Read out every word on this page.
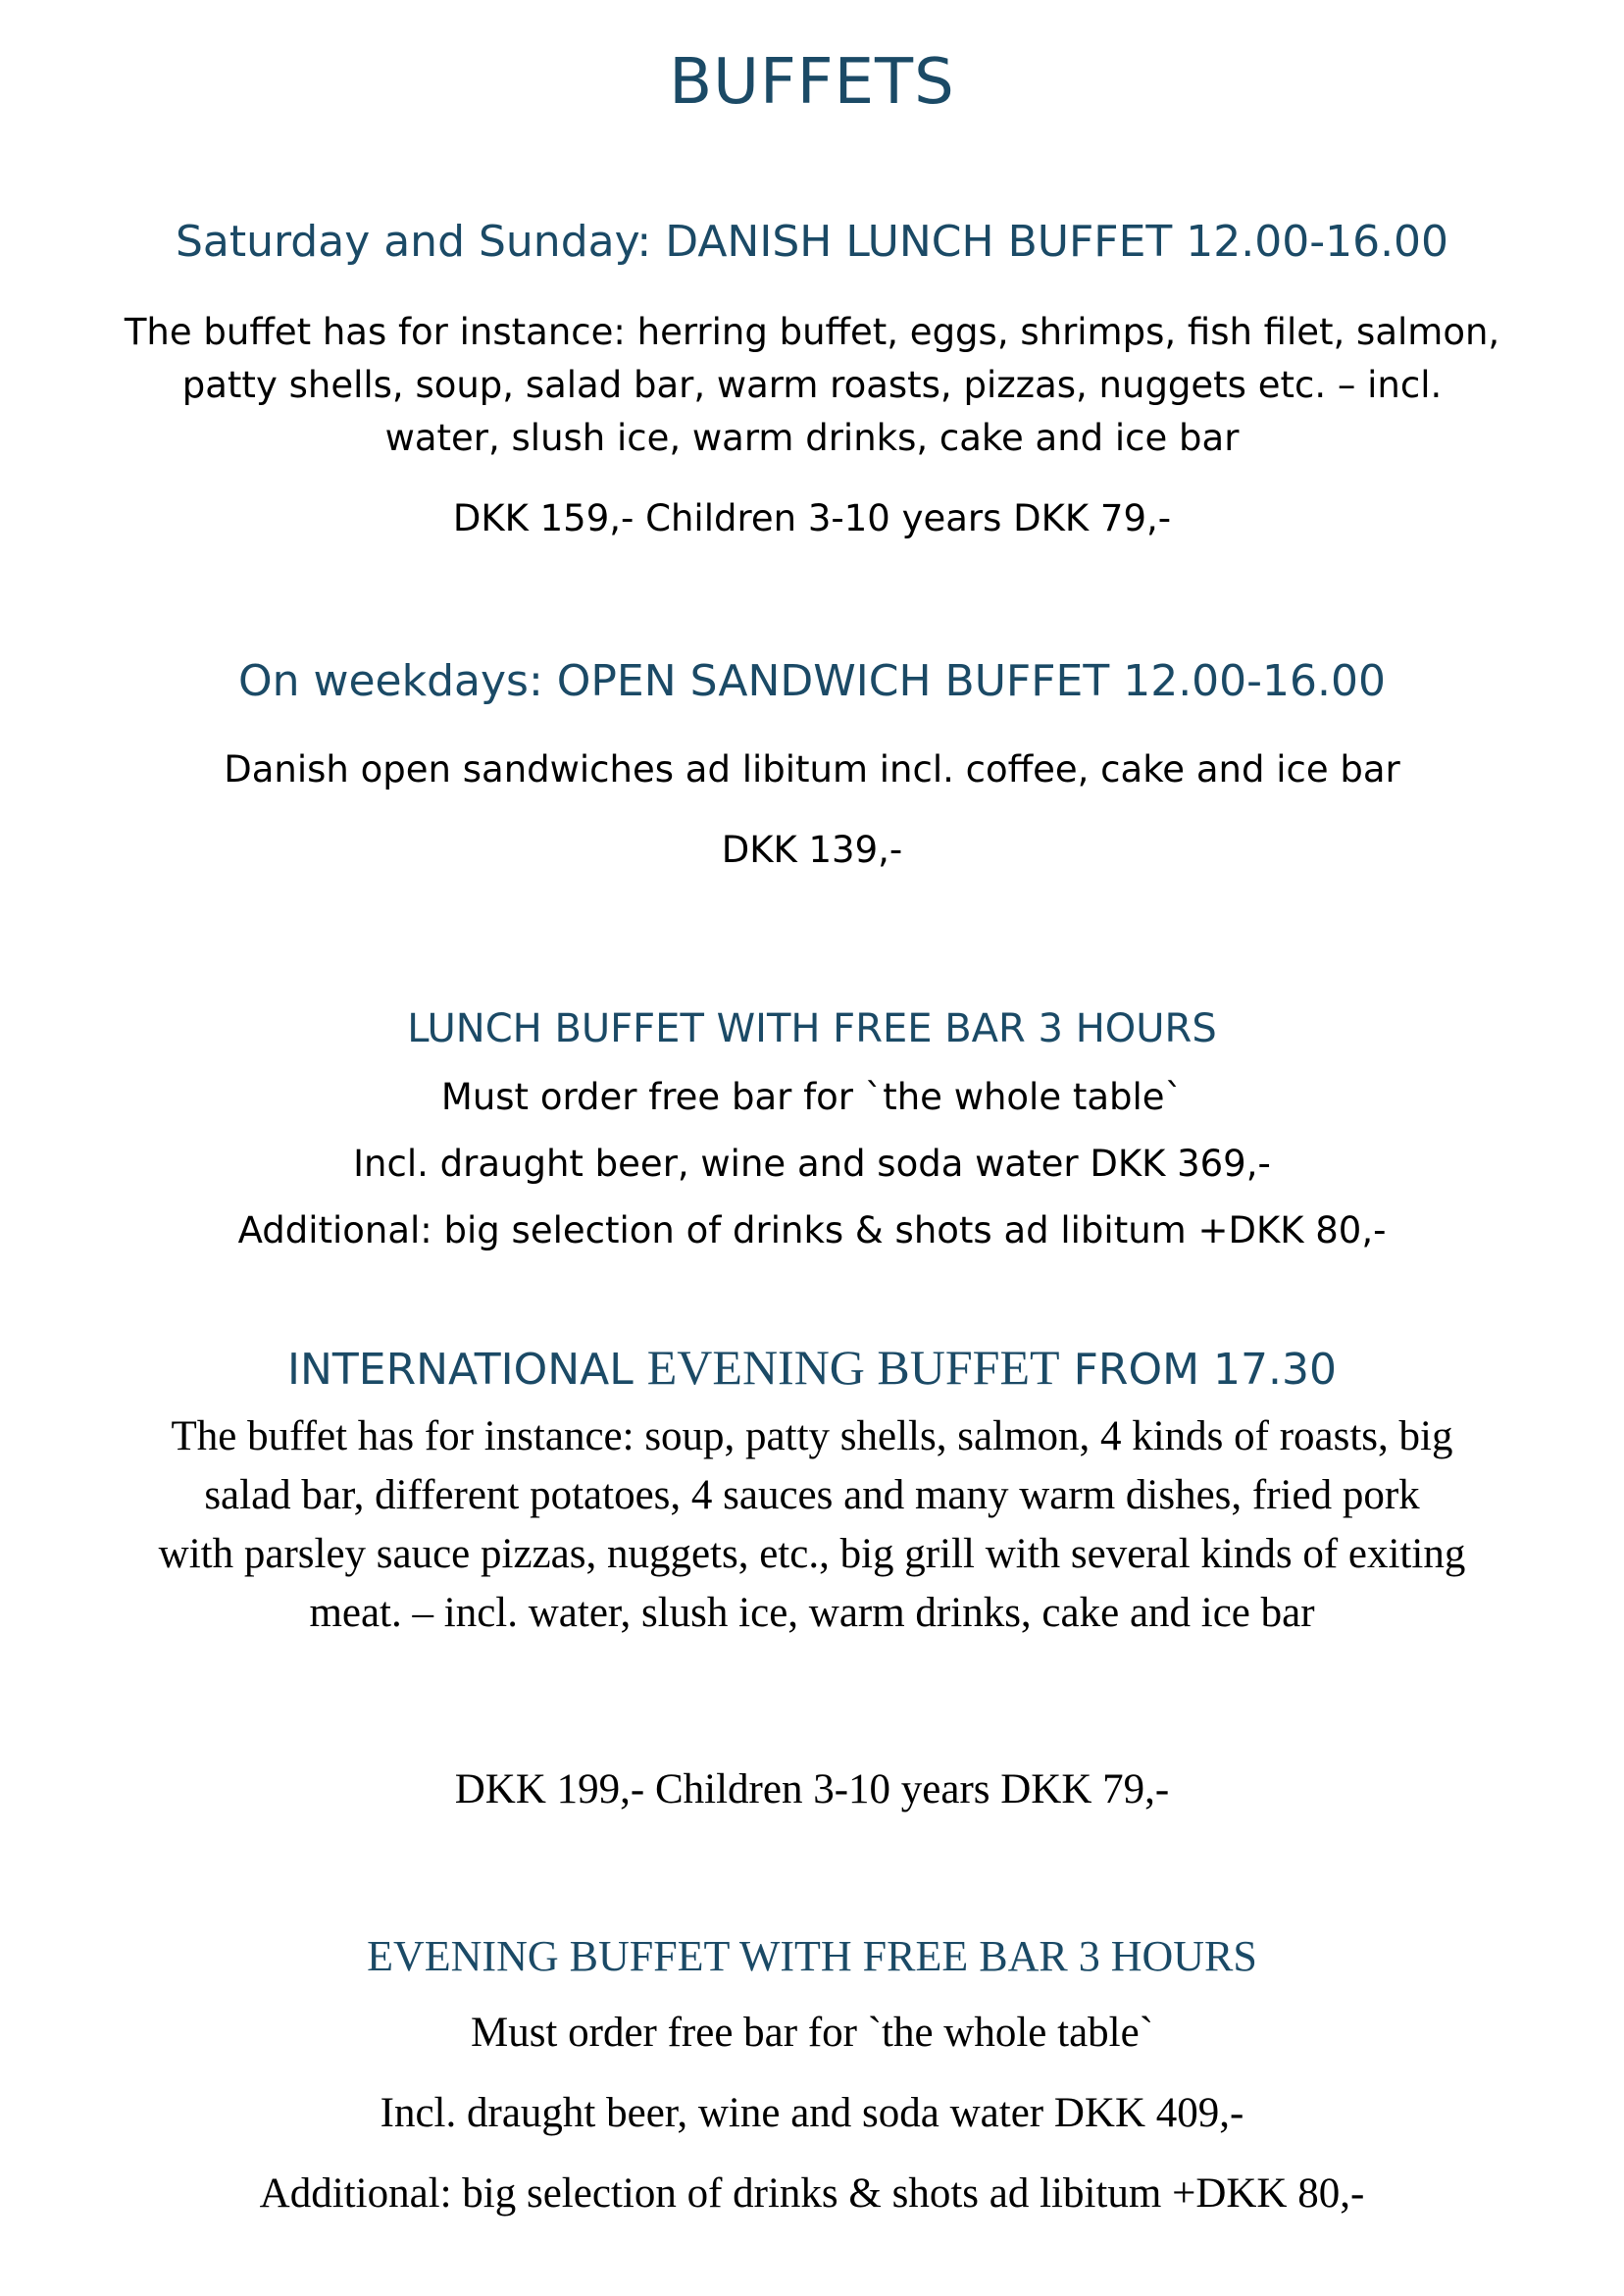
BUFFETS
Saturday and Sunday: DANISH LUNCH BUFFET 12.00-16.00
The buffet has for instance: herring buffet, eggs, shrimps, fish filet, salmon,
patty shells, soup, salad bar, warm roasts, pizzas, nuggets etc. – incl.
water, slush ice, warm drinks, cake and ice bar
DKK 159,- Children 3-10 years DKK 79,-
On weekdays: OPEN SANDWICH BUFFET 12.00-16.00
Danish open sandwiches ad libitum incl. coffee, cake and ice bar
DKK 139,-
LUNCH BUFFET WITH FREE BAR 3 HOURS
Must order free bar for `the whole table`
Incl. draught beer, wine and soda water DKK 369,-
Additional: big selection of drinks & shots ad libitum +DKK 80,-
INTERNATIONAL EVENING BUFFET FROM 17.30
The buffet has for instance: soup, patty shells, salmon, 4 kinds of roasts, big
salad bar, different potatoes, 4 sauces and many warm dishes, fried pork
with parsley sauce pizzas, nuggets, etc., big grill with several kinds of exiting
meat. – incl. water, slush ice, warm drinks, cake and ice bar
DKK 199,- Children 3-10 years DKK 79,-
EVENING BUFFET WITH FREE BAR 3 HOURS
Must order free bar for `the whole table`
Incl. draught beer, wine and soda water DKK 409,-
Additional: big selection of drinks & shots ad libitum +DKK 80,-
